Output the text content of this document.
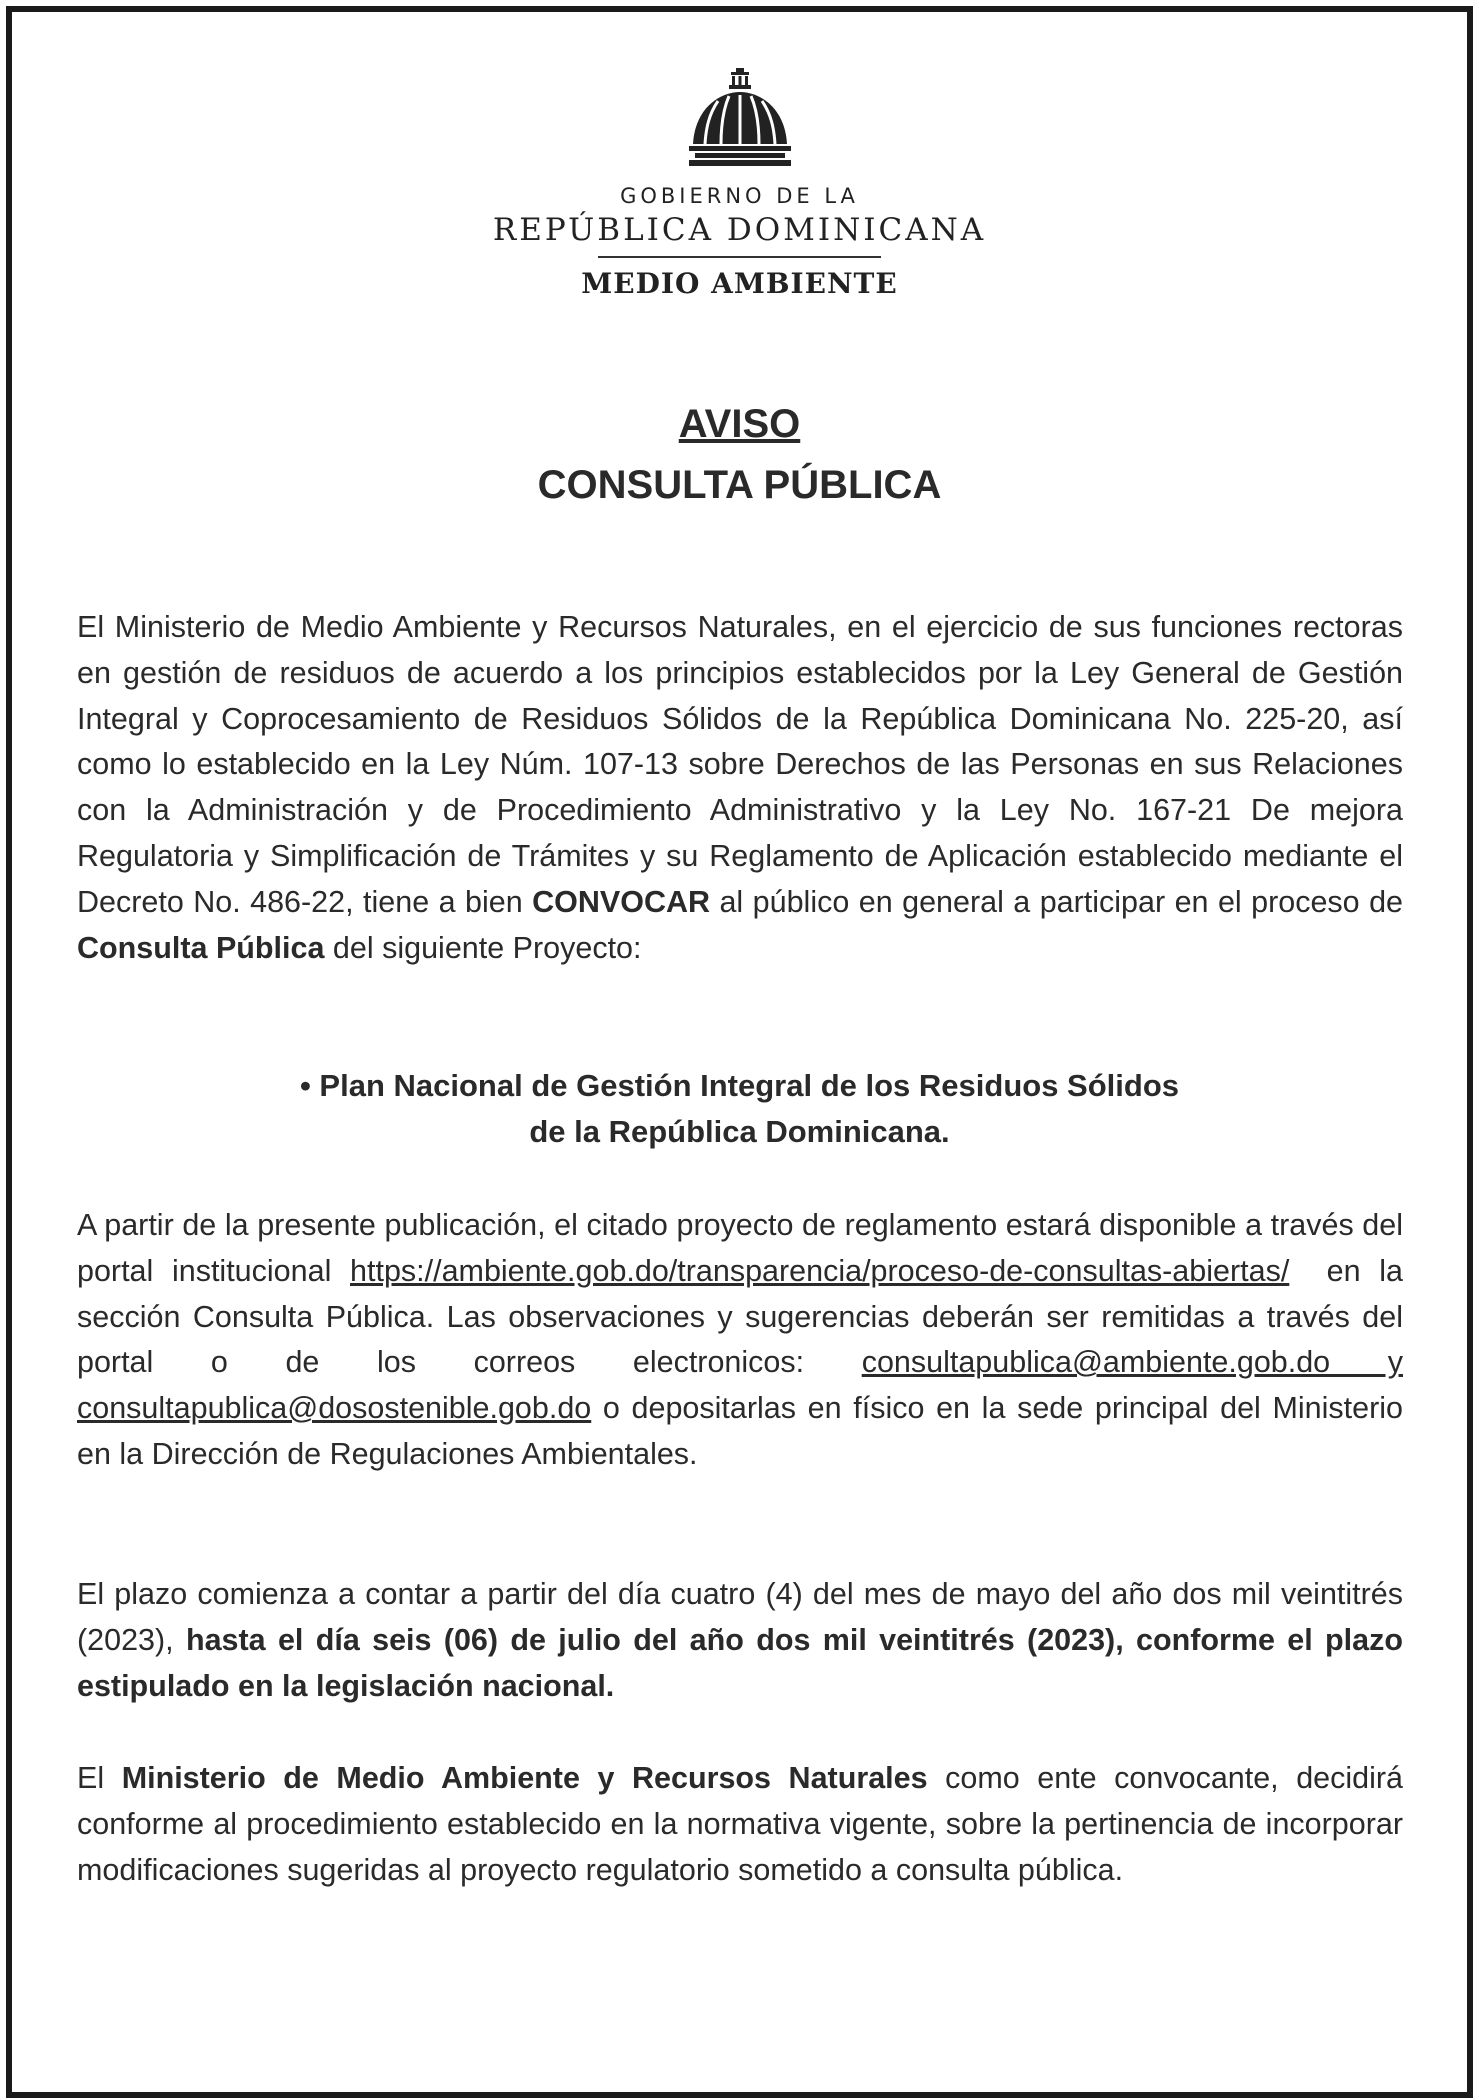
GOBIERNO DE LA
REPÚBLICA DOMINICANA
MEDIO AMBIENTE
AVISO
CONSULTA PÚBLICA
El Ministerio de Medio Ambiente y Recursos Naturales, en el ejercicio de sus funciones rectoras en gestión de residuos de acuerdo a los principios establecidos por la Ley General de Gestión Integral y Coprocesamiento de Residuos Sólidos de la República Dominicana No. 225-20, así como lo establecido en la Ley Núm. 107-13 sobre Derechos de las Personas en sus Relaciones con la Administración y de Procedimiento Administrativo y la Ley No. 167-21 De mejora Regulatoria y Simplificación de Trámites y su Reglamento de Aplicación establecido mediante el Decreto No. 486-22, tiene a bien CONVOCAR al público en general a participar en el proceso de Consulta Pública del siguiente Proyecto:
• Plan Nacional de Gestión Integral de los Residuos Sólidos
de la República Dominicana.
A partir de la presente publicación, el citado proyecto de reglamento estará disponible a través del portal institucional https://ambiente.gob.do/transparencia/proceso-de-consultas-abiertas/  en la sección Consulta Pública. Las observaciones y sugerencias deberán ser remitidas a través del portal o de los correos electronicos: consultapublica@ambiente.gob.do y consultapublica@dosostenible.gob.do o depositarlas en físico en la sede principal del Ministerio en la Dirección de Regulaciones Ambientales.
El plazo comienza a contar a partir del día cuatro (4) del mes de mayo del año dos mil veintitrés (2023), hasta el día seis (06) de julio del año dos mil veintitrés (2023), conforme el plazo estipulado en la legislación nacional.
El Ministerio de Medio Ambiente y Recursos Naturales como ente convocante, decidirá conforme al procedimiento establecido en la normativa vigente, sobre la pertinencia de incorporar modificaciones sugeridas al proyecto regulatorio sometido a consulta pública.
